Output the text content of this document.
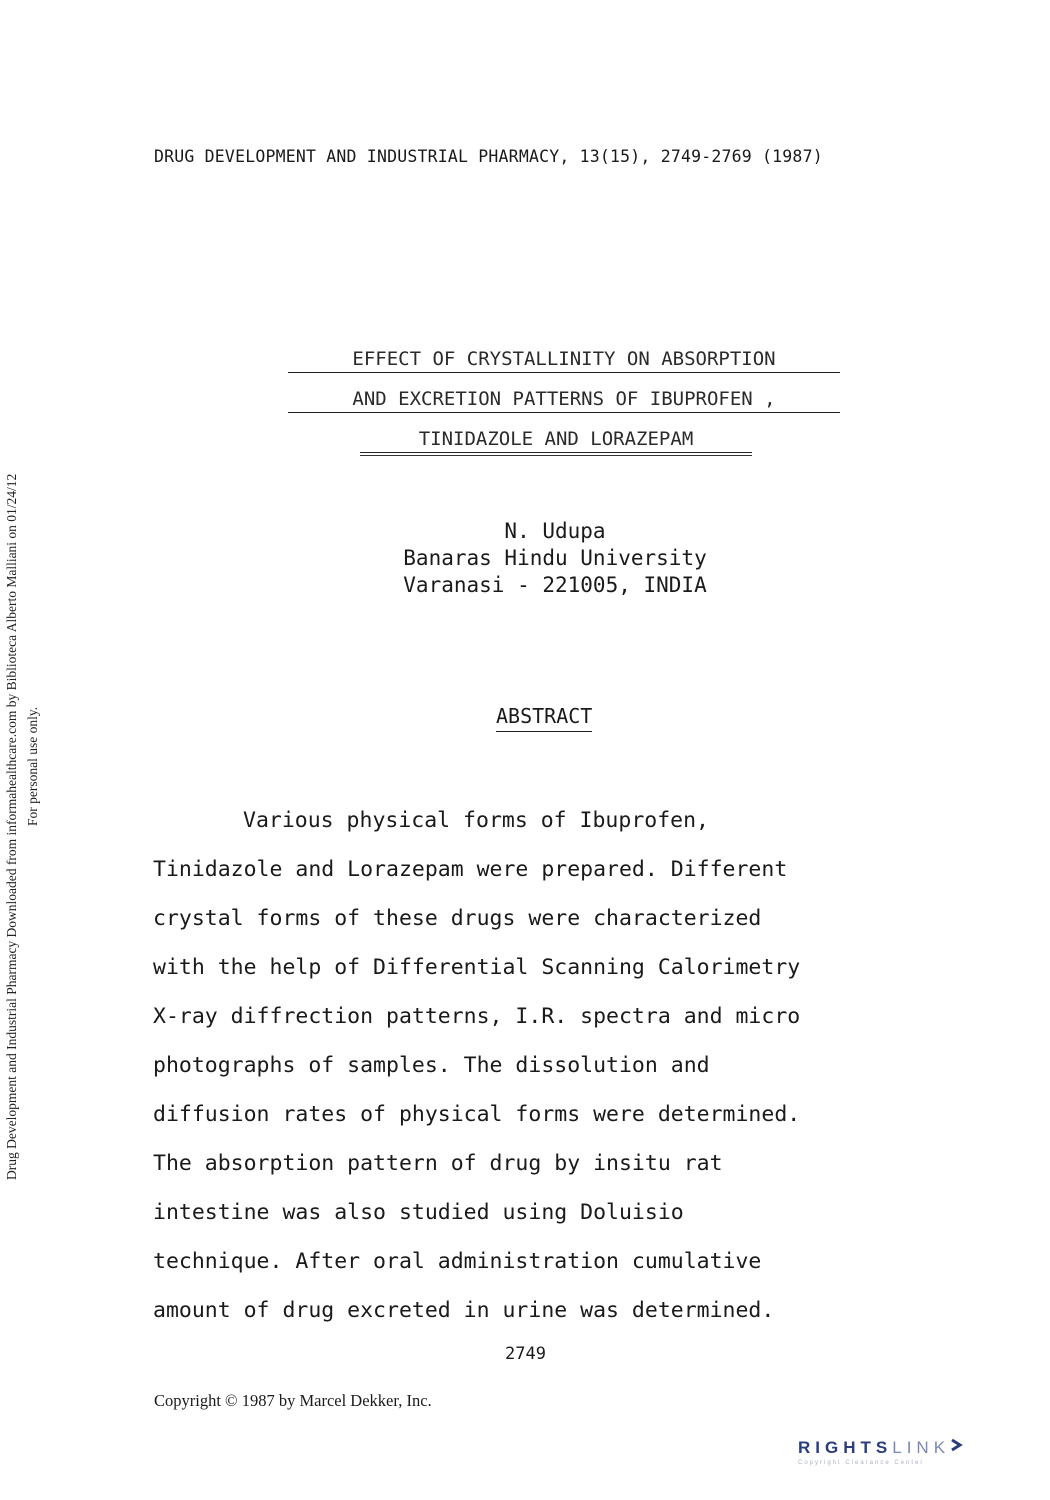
DRUG DEVELOPMENT AND INDUSTRIAL PHARMACY, 13(15), 2749-2769 (1987)
Drug Development and Industrial Pharmacy Downloaded from informahealthcare.com by Biblioteca Alberto Malliani on 01/24/12 For personal use only.
EFFECT OF CRYSTALLINITY ON ABSORPTION
AND EXCRETION PATTERNS OF IBUPROFEN ,
TINIDAZOLE AND LORAZEPAM
N. Udupa
Banaras Hindu University
Varanasi - 221005, INDIA
ABSTRACT
Various physical forms of Ibuprofen,
Tinidazole and Lorazepam were prepared. Different
crystal forms of these drugs were characterized
with the help of Differential Scanning Calorimetry
X-ray diffrection patterns, I.R. spectra and micro
photographs of samples. The dissolution and
diffusion rates of physical forms were determined.
The absorption pattern of drug by insitu rat
intestine was also studied using Doluisio
technique. After oral administration cumulative
amount of drug excreted in urine was determined.
2749
Copyright © 1987 by Marcel Dekker, Inc.
RIGHTSLINK
Copyright Clearance Center
